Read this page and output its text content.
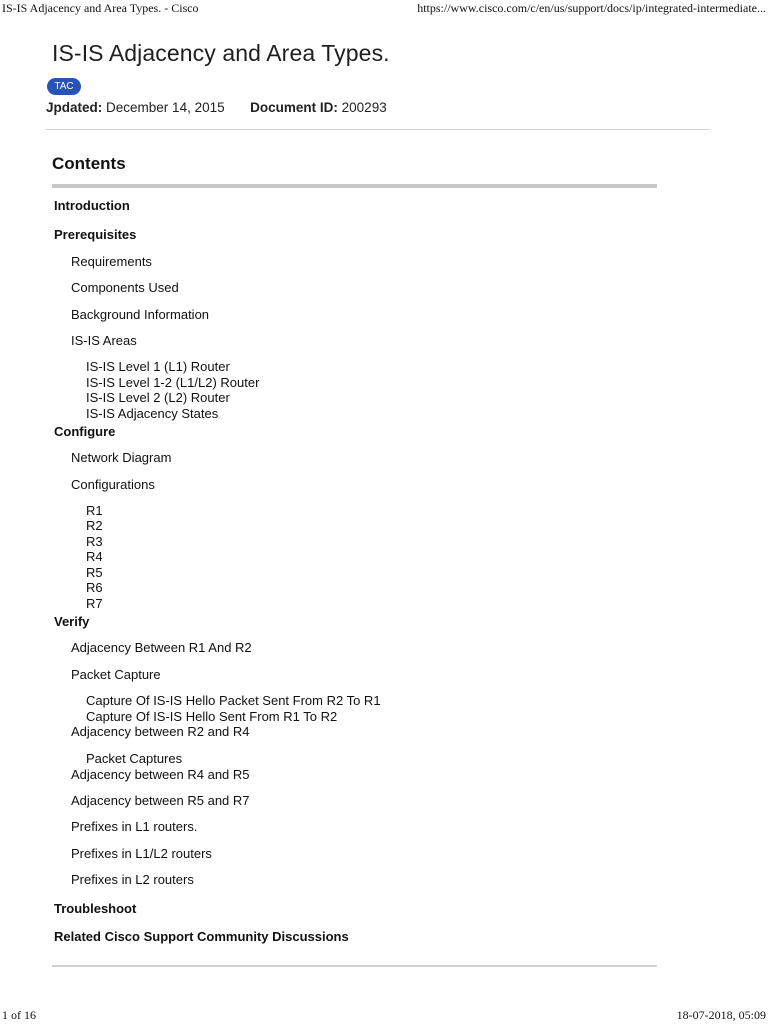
IS-IS Adjacency and Area Types. - Cisco	https://www.cisco.com/c/en/us/support/docs/ip/integrated-intermediate...
IS-IS Adjacency and Area Types.
TAC
Jpdated: December 14, 2015 Document ID: 200293
Contents
Introduction
Prerequisites
Requirements
Components Used
Background Information
IS-IS Areas
IS-IS Level 1 (L1) Router
IS-IS Level 1-2 (L1/L2) Router
IS-IS Level 2 (L2) Router
IS-IS Adjacency States
Configure
Network Diagram
Configurations
R1
R2
R3
R4
R5
R6
R7
Verify
Adjacency Between R1 And R2
Packet Capture
Capture Of IS-IS Hello Packet Sent From R2 To R1
Capture Of IS-IS Hello Sent From R1 To R2
Adjacency between R2 and R4
Packet Captures
Adjacency between R4 and R5
Adjacency between R5 and R7
Prefixes in L1 routers.
Prefixes in L1/L2 routers
Prefixes in L2 routers
Troubleshoot
Related Cisco Support Community Discussions
1 of 16	18-07-2018, 05:09
